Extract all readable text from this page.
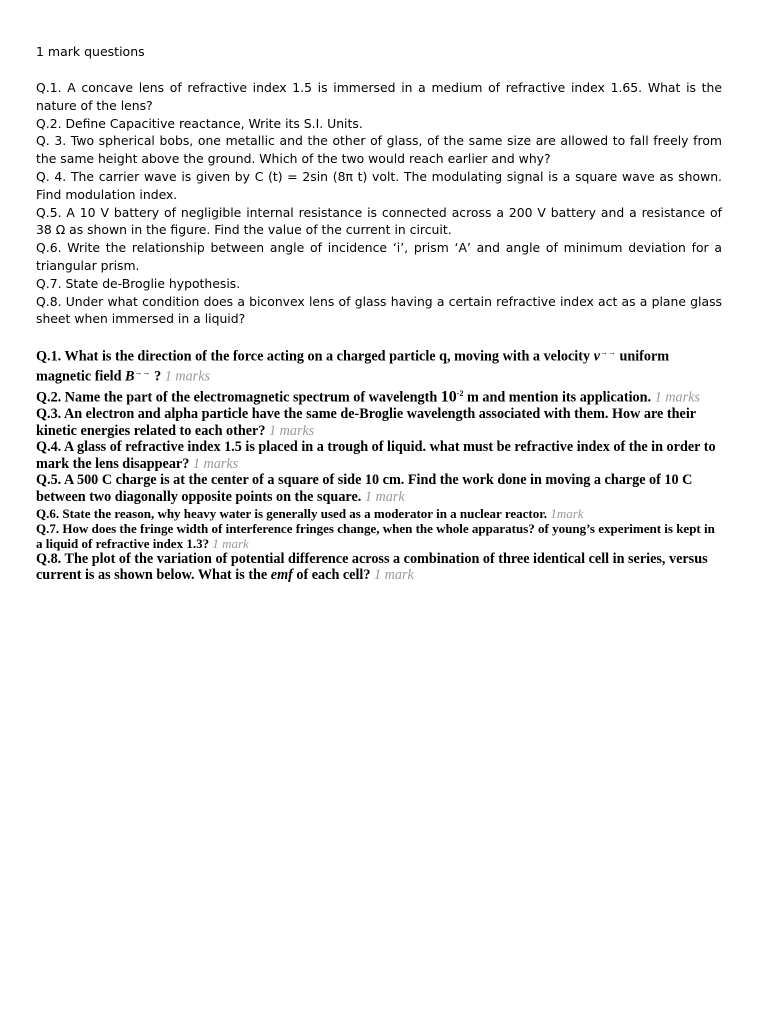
1 mark questions

Q.1. A concave lens of refractive index 1.5 is immersed in a medium of refractive index 1.65. What is the nature of the lens?

Q.2. Define Capacitive reactance, Write its S.I. Units.

Q. 3. Two spherical bobs, one metallic and the other of glass, of the same size are allowed to fall freely from the same height above the ground. Which of the two would reach earlier and why?

Q. 4. The carrier wave is given by C (t) = 2sin (8π t) volt. The modulating signal is a square wave as shown. Find modulation index.

Q.5. A 10 V battery of negligible internal resistance is connected across a 200 V battery and a resistance of 38 Ω as shown in the figure. Find the value of the current in circuit.

Q.6. Write the relationship between angle of incidence ‘i’, prism ‘A’ and angle of minimum deviation for a triangular prism.

Q.7. State de-Broglie hypothesis.

Q.8. Under what condition does a biconvex lens of glass having a certain refractive index act as a plane glass sheet when immersed in a liquid?

Q.1. What is the direction of the force acting on a charged particle q, moving with a velocity v→→ uniform magnetic field B→→ ? 1 marks

Q.2. Name the part of the electromagnetic spectrum of wavelength $10^{-2}$ m and mention its application. 1 marks

Q.3. An electron and alpha particle have the same de-Broglie wavelength associated with them. How are their kinetic energies related to each other? 1 marks

Q.4. A glass of refractive index 1.5 is placed in a trough of liquid. what must be refractive index of the in order to mark the lens disappear? 1 marks

Q.5. A 500 C charge is at the center of a square of side 10 cm. Find the work done in moving a charge of 10 C between two diagonally opposite points on the square. 1 mark

Q.6. State the reason, why heavy water is generally used as a moderator in a nuclear reactor. 1mark

Q.7. How does the fringe width of interference fringes change, when the whole apparatus? of young’s experiment is kept in a liquid of refractive index 1.3? 1 mark

Q.8. The plot of the variation of potential difference across a combination of three identical cell in series, versus current is as shown below. What is the emf of each cell? 1 mark
